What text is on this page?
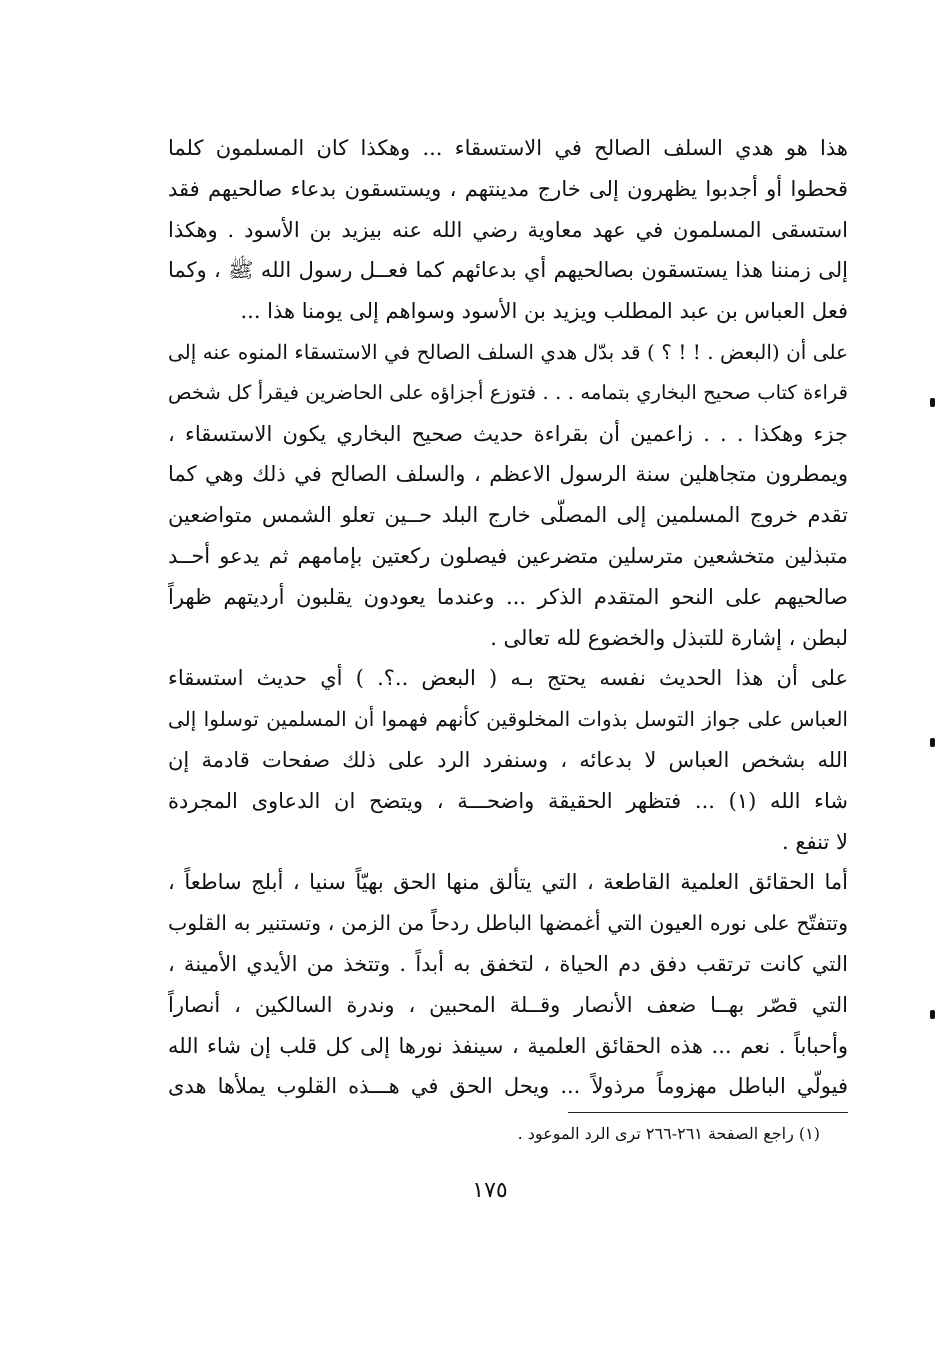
هذا هو هدي السلف الصالح في الاستسقاء ... وهكذا كان المسلمون كلما
قحطوا أو أجدبوا يظهرون إلى خارج مدينتهم ، ويستسقون بدعاء صالحيهم فقد
استسقى المسلمون في عهد معاوية رضي الله عنه بيزيد بن الأسود . وهكذا
إلى زمننا هذا يستسقون بصالحيهم أي بدعائهم كما فعــل رسول الله ﷺ ، وكما
فعل العباس بن عبد المطلب ويزيد بن الأسود وسواهم إلى يومنا هذا ...
على أن (البعض . ! ! ؟ ) قد بدّل هدي السلف الصالح في الاستسقاء المنوه عنه إلى
قراءة كتاب صحيح البخاري بتمامه . . . فتوزع أجزاؤه على الحاضرين فيقرأ كل شخص
جزء وهكذا . . . زاعمين أن بقراءة حديث صحيح البخاري يكون الاستسقاء ،
ويمطرون متجاهلين سنة الرسول الاعظم ، والسلف الصالح في ذلك وهي كما
تقدم خروج المسلمين إلى المصلّى خارج البلد حــين تعلو الشمس متواضعين
متبذلين متخشعين مترسلين متضرعين فيصلون ركعتين بإمامهم ثم يدعو أحــد
صالحيهم على النحو المتقدم الذكر ... وعندما يعودون يقلبون أرديتهم ظهراً
لبطن ، إشارة للتبذل والخضوع لله تعالى .
على أن هذا الحديث نفسه يحتج بـه ( البعض ..؟. ) أي حديث استسقاء
العباس على جواز التوسل بذوات المخلوقين كأنهم فهموا أن المسلمين توسلوا إلى
الله بشخص العباس لا بدعائه ، وسنفرد الرد على ذلك صفحات قادمة إن
شاء الله (١) ... فتظهر الحقيقة واضحـــة ، ويتضح ان الدعاوى المجردة
لا تنفع .
أما الحقائق العلمية القاطعة ، التي يتألق منها الحق بهيّاً سنيا ، أبلج ساطعاً ،
وتتفتّح على نوره العيون التي أغمضها الباطل ردحاً من الزمن ، وتستنير به القلوب
التي كانت ترتقب دفق دم الحياة ، لتخفق به أبداً . وتتخذ من الأيدي الأمينة ،
التي قصّر بهــا ضعف الأنصار وقــلة المحبين ، وندرة السالكين ، أنصاراً
وأحباباً . نعم ... هذه الحقائق العلمية ، سينفذ نورها إلى كل قلب إن شاء الله
فيولّي الباطل مهزوماً مرذولاً ... ويحل الحق في هـــذه القلوب يملأها هدى
(١) راجع الصفحة ٢٦١-٢٦٦ ترى الرد الموعود .
١٧٥
